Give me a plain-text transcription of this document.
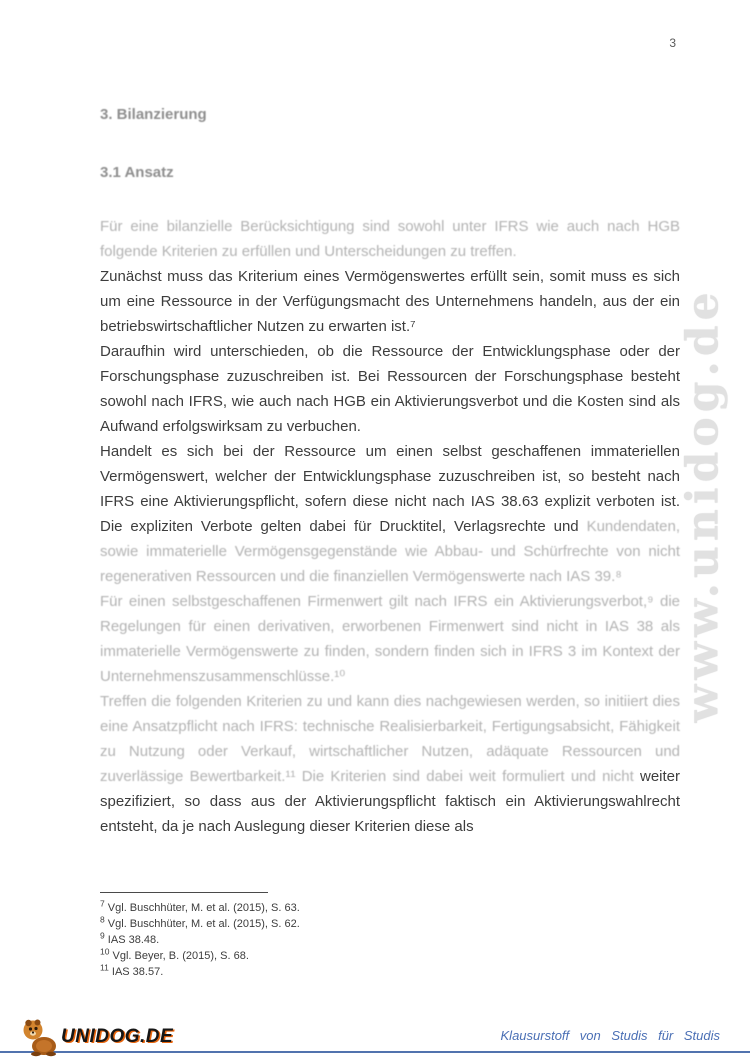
www.unidog.de
3
3. Bilanzierung
3.1 Ansatz

Für eine bilanzielle Berücksichtigung sind sowohl unter IFRS wie auch nach HGB folgende Kriterien zu erfüllen und Unterscheidungen zu treffen.

Zunächst muss das Kriterium eines Vermögenswertes erfüllt sein, somit muss es sich um eine Ressource in der Verfügungsmacht des Unternehmens handeln, aus der ein betriebswirtschaftlicher Nutzen zu erwarten ist.⁷

Daraufhin wird unterschieden, ob die Ressource der Entwicklungsphase oder der Forschungsphase zuzuschreiben ist. Bei Ressourcen der Forschungsphase besteht sowohl nach IFRS, wie auch nach HGB ein Aktivierungsverbot und die Kosten sind als Aufwand erfolgswirksam zu verbuchen.

Handelt es sich bei der Ressource um einen selbst geschaffenen immateriellen Vermögenswert, welcher der Entwicklungsphase zuzuschreiben ist, so besteht nach IFRS eine Aktivierungspflicht, sofern diese nicht nach IAS 38.63 explizit verboten ist. Die expliziten Verbote gelten dabei für Drucktitel, Verlagsrechte und Kundendaten, sowie immaterielle Vermögensgegenstände wie Abbau- und Schürfrechte von nicht regenerativen Ressourcen und die finanziellen Vermögenswerte nach IAS 39.⁸

Für einen selbstgeschaffenen Firmenwert gilt nach IFRS ein Aktivierungsverbot,⁹ die Regelungen für einen derivativen, erworbenen Firmenwert sind nicht in IAS 38 als immaterielle Vermögenswerte zu finden, sondern finden sich in IFRS 3 im Kontext der Unternehmenszusammenschlüsse.¹⁰

Treffen die folgenden Kriterien zu und kann dies nachgewiesen werden, so initiiert dies eine Ansatzpflicht nach IFRS: technische Realisierbarkeit, Fertigungsabsicht, Fähigkeit zu Nutzung oder Verkauf, wirtschaftlicher Nutzen, adäquate Ressourcen und zuverlässige Bewertbarkeit.¹¹ Die Kriterien sind dabei weit formuliert und nicht weiter spezifiziert, so dass aus der Aktivierungspflicht faktisch ein Aktivierungswahlrecht entsteht, da je nach Auslegung dieser Kriterien diese als

$^7$ Vgl. Buschhüter, M. et al. (2015), S. 63.
$^8$ Vgl. Buschhüter, M. et al. (2015), S. 62.
$^9$ IAS 38.48.
$^{10}$ Vgl. Beyer, B. (2015), S. 68.
$^{11}$ IAS 38.57.
UNIDOG.DE	Klausurstoff von Studis für Studis
